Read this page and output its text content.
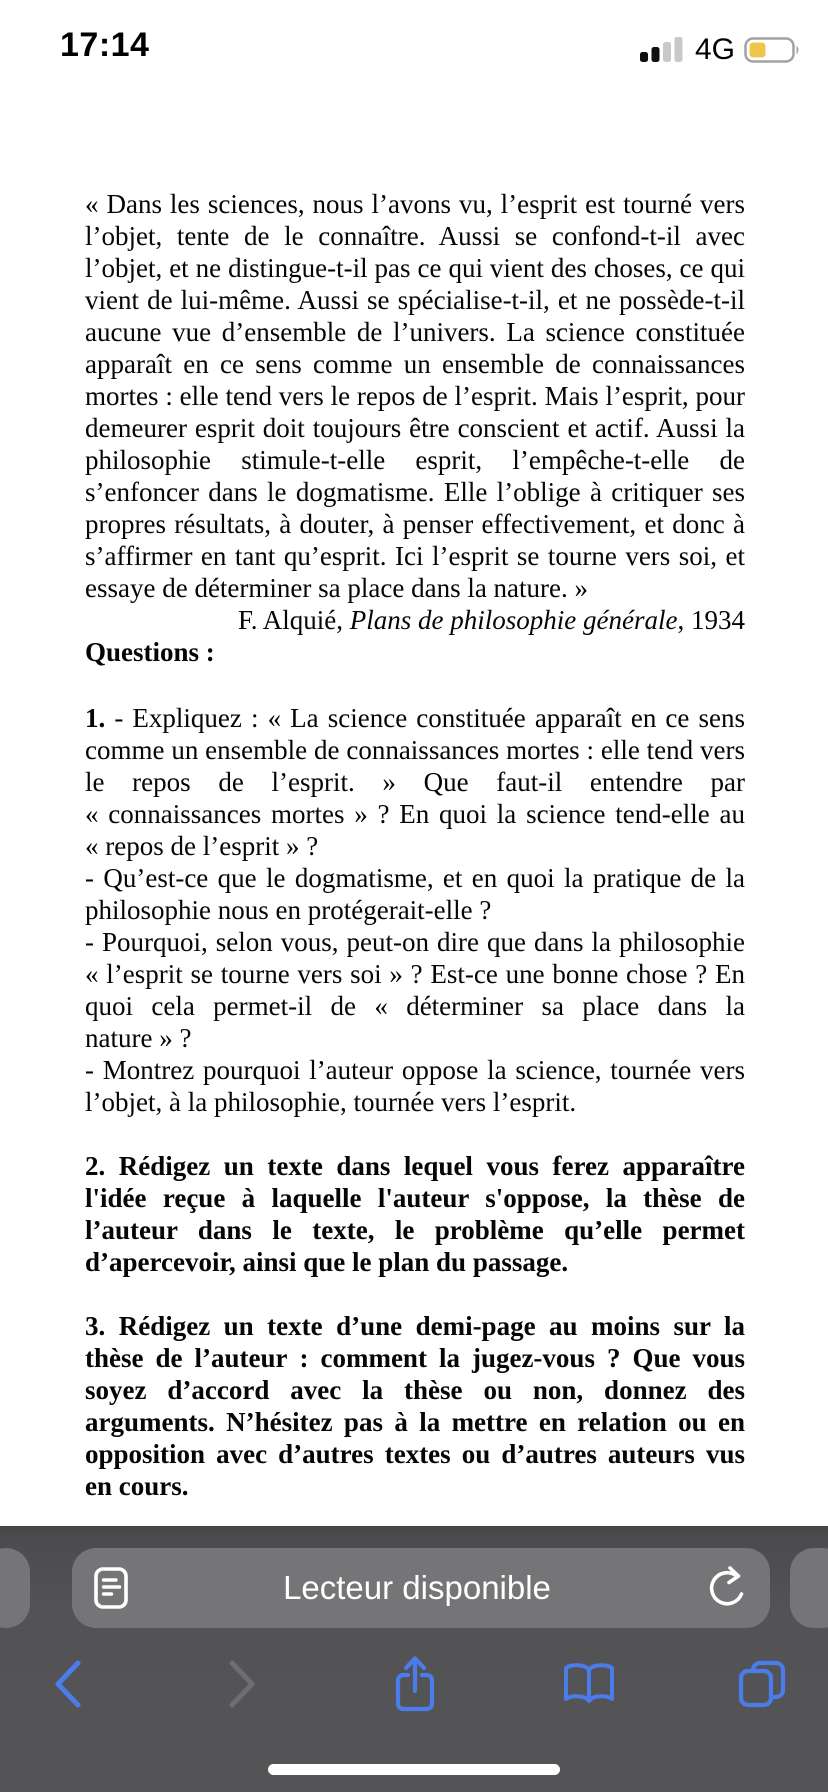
17:14	4G

« Dans les sciences, nous l’avons vu, l’esprit est tourné vers l’objet, tente de le connaître. Aussi se confond-t-il avec l’objet, et ne distingue-t-il pas ce qui vient des choses, ce qui vient de lui-même. Aussi se spécialise-t-il, et ne possède-t-il aucune vue d’ensemble de l’univers. La science constituée apparaît en ce sens comme un ensemble de connaissances mortes : elle tend vers le repos de l’esprit. Mais l’esprit, pour demeurer esprit doit toujours être conscient et actif. Aussi la philosophie stimule-t-elle esprit, l’empêche-t-elle de s’enfoncer dans le dogmatisme. Elle l’oblige à critiquer ses propres résultats, à douter, à penser effectivement, et donc à s’affirmer en tant qu’esprit. Ici l’esprit se tourne vers soi, et essaye de déterminer sa place dans la nature. »

F. Alquié, Plans de philosophie générale, 1934

Questions :

1. - Expliquez : « La science constituée apparaît en ce sens comme un ensemble de connaissances mortes : elle tend vers le repos de l’esprit. » Que faut-il entendre par « connaissances mortes » ? En quoi la science tend-elle au « repos de l’esprit » ?

- Qu’est-ce que le dogmatisme, et en quoi la pratique de la philosophie nous en protégerait-elle ?

- Pourquoi, selon vous, peut-on dire que dans la philosophie « l’esprit se tourne vers soi » ? Est-ce une bonne chose ? En quoi cela permet-il de « déterminer sa place dans la nature » ?

- Montrez pourquoi l’auteur oppose la science, tournée vers l’objet, à la philosophie, tournée vers l’esprit.

2. Rédigez un texte dans lequel vous ferez apparaître l'idée reçue à laquelle l'auteur s'oppose, la thèse de l’auteur dans le texte, le problème qu’elle permet d’apercevoir, ainsi que le plan du passage.

3. Rédigez un texte d’une demi-page au moins sur la thèse de l’auteur : comment la jugez-vous ? Que vous soyez d’accord avec la thèse ou non, donnez des arguments. N’hésitez pas à la mettre en relation ou en opposition avec d’autres textes ou d’autres auteurs vus en cours.

Lecteur disponible
